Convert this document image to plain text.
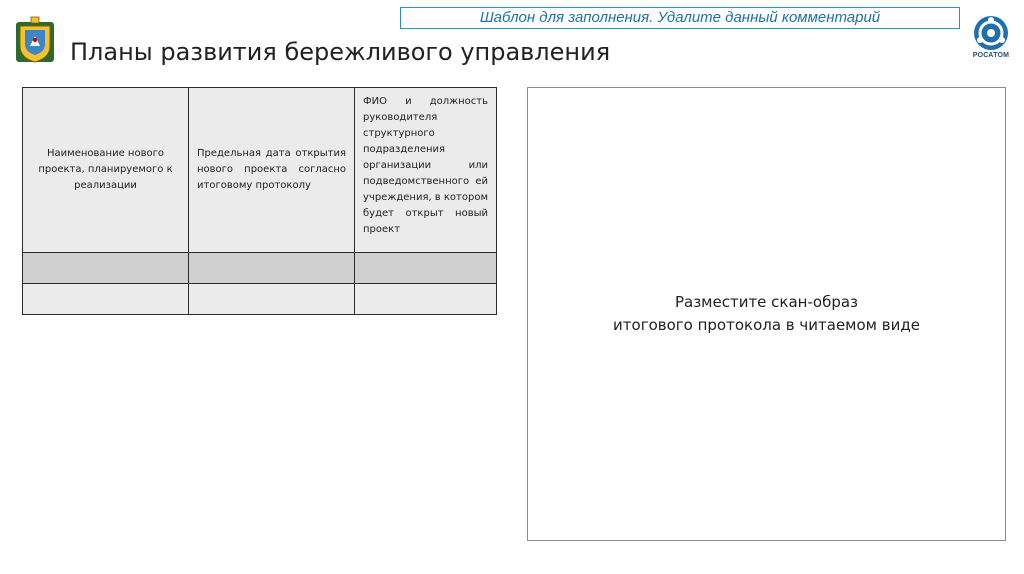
РОСАТОМ
Шаблон для заполнения. Удалите данный комментарий
Планы развития бережливого управления
Наименование нового проекта, планируемого к реализации	Предельная дата открытия нового проекта согласно итоговому протоколу	ФИО и должность руководителя структурного подразделения организации или подведомственного ей учреждения, в котором будет открыт новый проект

Разместите скан-образ
итогового протокола в читаемом виде
